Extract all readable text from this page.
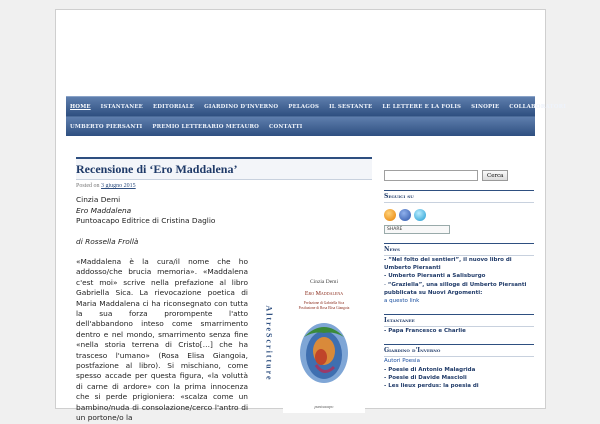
HOME ISTANTANEE EDITORIALE GIARDINO D'INVERNO PELAGOS IL SESTANTE LE LETTERE E LA FOLIS SINOPIE COLLABORATORI
UMBERTO PIERSANTI PREMIO LETTERARIO METAURO CONTATTI
Recensione di ‘Ero Maddalena’
Posted on 3 giugno 2015
Cinzia Demi
Ero Maddalena
Puntoacapo Editrice di Cristina Daglio
di Rossella Frollà
«Maddalena è la cura/il nome che ho addosso/che brucia memoria». «Maddalena c'est moi» scrive nella prefazione al libro Gabriella Sica. La rievocazione poetica di Maria Maddalena ci ha riconsegnato con tutta la sua forza prorompente l'atto dell'abbandono inteso come smarrimento dentro e nel mondo, smarrimento senza fine «nella storia terrena di Cristo[…] che ha trasceso l'umano» (Rosa Elisa Giangoia, postfazione al libro). Si mischiano, come spesso accade per questa figura, «la voluttà di carne di ardore» con la prima innocenza che si perde prigioniera: «scalza come un bambino/nuda di consolazione/cerco l'antro di un portone/o la
AltreScritture
Cinzia Demi
Ero Maddalena
Prefazione di Gabriella Sica
Postfazione di Rosa Elisa Giangoia
puntoacapo
Cerca
Seguici su
SHARE
News
- “Nel folto dei sentieri”, il nuovo libro di Umberto Piersanti
- Umberto Piersanti a Salisburgo
- “Graziella”, una silloge di Umberto Piersanti pubblicata su Nuovi Argomenti:
a questo link
Istantanee
- Papa Francesco e Charlie
Giardino d'Inverno
Autori Poesia
- Poesie di Antonio Malagrida
- Poesie di Davide Mascioli
- Les lieux perdus: la poesia di
